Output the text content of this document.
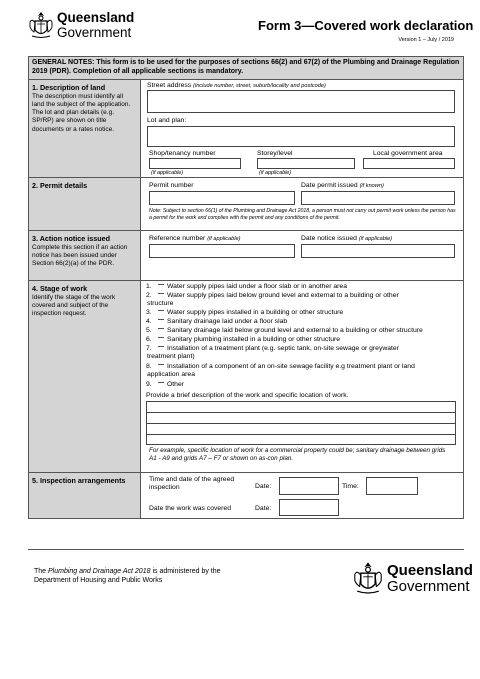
Queensland
Government	Form 3—Covered work declaration
Version 1 – July / 2019
GENERAL NOTES: This form is to be used for the purposes of sections 66(2) and 67(2) of the Plumbing and Drainage Regulation 2019 (PDR). Completion of all applicable sections is mandatory.
1. Description of land
The description must identify all land the subject of the application. The lot and plan details (e.g. SP/RP) are shown on title documents or a rates notice.
Street address (include number, street, suburb/locality and postcode)
Lot and plan:
Shop/tenancy number	Storey/level	Local government area
(if applicable)	(if applicable)
2. Permit details	Permit number	Date permit issued (if known)
Note: Subject to section 66(1) of the Plumbing and Drainage Act 2018, a person must not carry out permit work unless the person has a permit for the work and complies with the permit and any conditions of the permit.
3. Action notice issued
Complete this section if an action notice has been issued under Section 66(2)(a) of the PDR.
Reference number (if applicable)	Date notice issued (if applicable)
4. Stage of work
Identify the stage of the work covered and subject of the inspection request.
1. Water supply pipes laid under a floor slab or in another area
2. Water supply pipes laid below ground level and external to a building or other
structure
3. Water supply pipes installed in a building or other structure
4. Sanitary drainage laid under a floor slab
5. Sanitary drainage laid below ground level and external to a building or other structure
6. Sanitary plumbing installed in a building or other structure
7. Installation of a treatment plant (e.g. septic tank, on-site sewage or greywater
treatment plant)
8. Installation of a component of an on-site sewage facility e.g treatment plant or land
application area
9. Other
Provide a brief description of the work and specific location of work.
For example, specific location of work for a commercial property could be; sanitary drainage between grids A1 - A9 and grids A7 – F7 or shown on as-con plan.
5. Inspection arrangements	Time and date of the agreed inspection	Date:	Time:
Date the work was covered	Date:
The Plumbing and Drainage Act 2018 is administered by the
Department of Housing and Public Works
Queensland
Government
